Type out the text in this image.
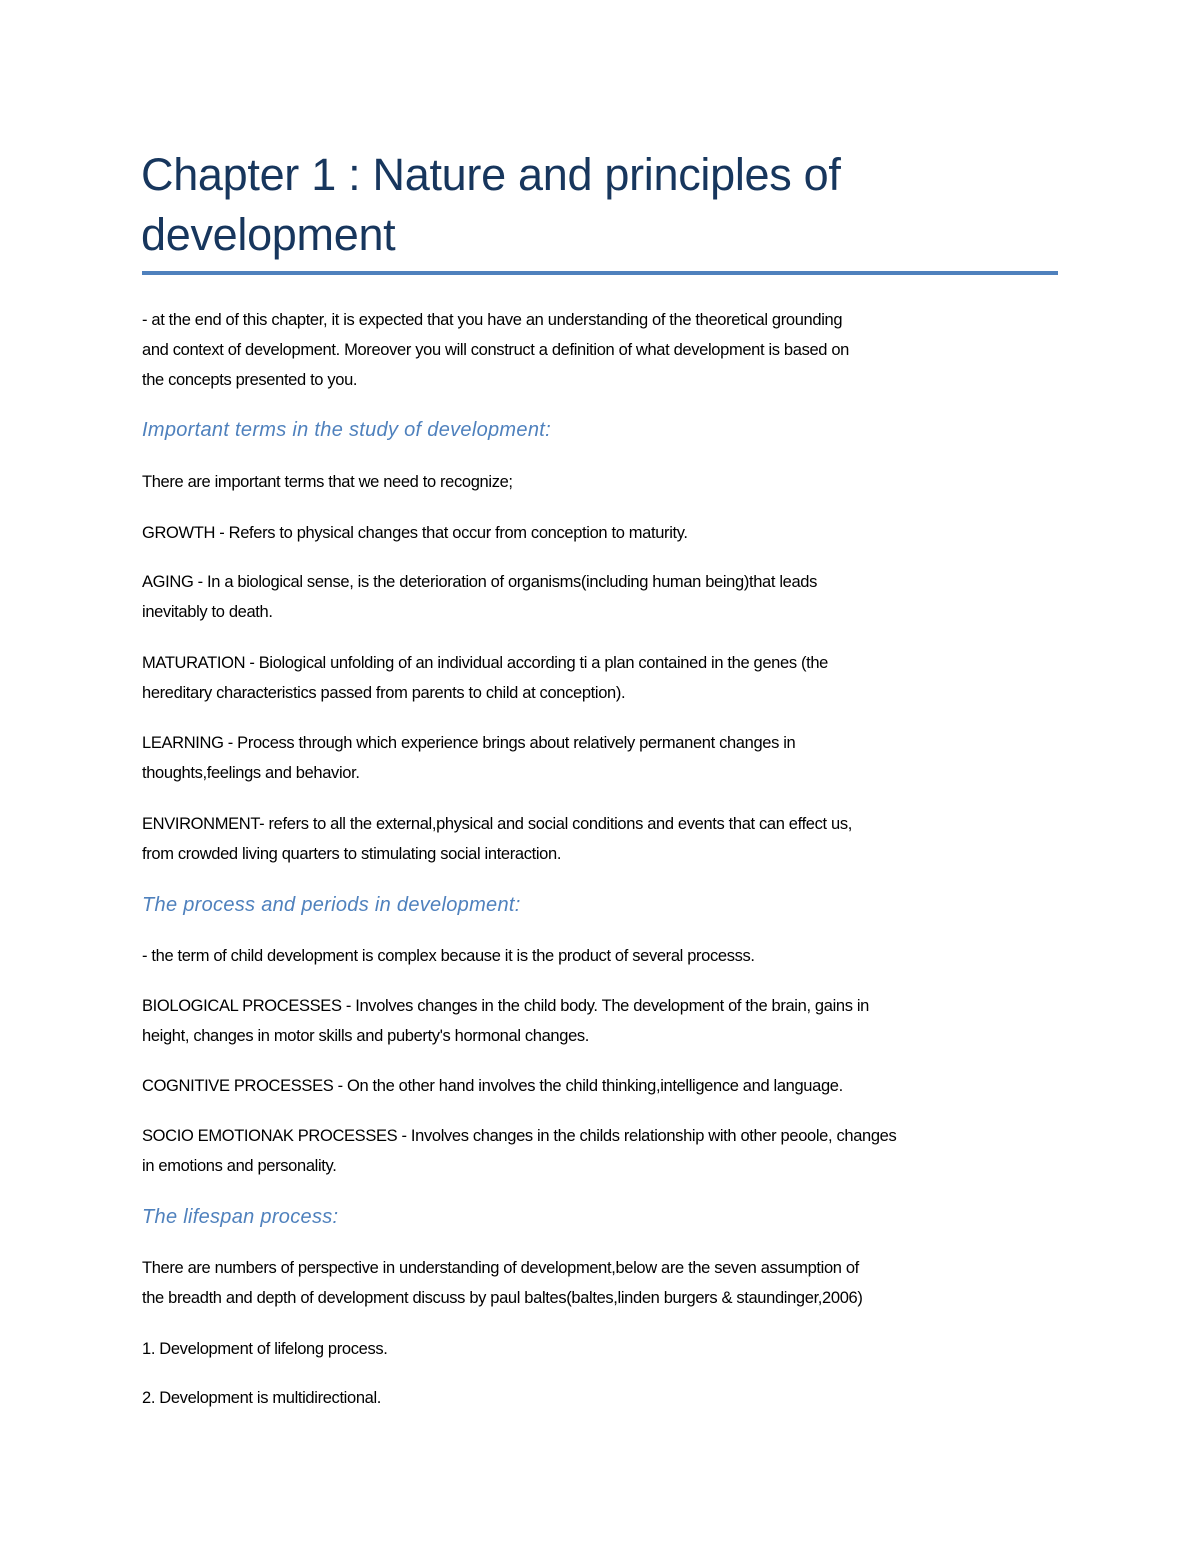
Chapter 1 : Nature and principles of
development

- at the end of this chapter, it is expected that you have an understanding of the theoretical grounding
and context of development. Moreover you will construct a definition of what development is based on
the concepts presented to you.

Important terms in the study of development:

There are important terms that we need to recognize;

GROWTH - Refers to physical changes that occur from conception to maturity.

AGING - In a biological sense, is the deterioration of organisms(including human being)that leads
inevitably to death.

MATURATION - Biological unfolding of an individual according ti a plan contained in the genes (the
hereditary characteristics passed from parents to child at conception).

LEARNING - Process through which experience brings about relatively permanent changes in
thoughts,feelings and behavior.

ENVIRONMENT- refers to all the external,physical and social conditions and events that can effect us,
from crowded living quarters to stimulating social interaction.

The process and periods in development:

- the term of child development is complex because it is the product of several processs.

BIOLOGICAL PROCESSES - Involves changes in the child body. The development of the brain, gains in
height, changes in motor skills and puberty's hormonal changes.

COGNITIVE PROCESSES - On the other hand involves the child thinking,intelligence and language.

SOCIO EMOTIONAK PROCESSES - Involves changes in the childs relationship with other peoole, changes
in emotions and personality.

The lifespan process:

There are numbers of perspective in understanding of development,below are the seven assumption of
the breadth and depth of development discuss by paul baltes(baltes,linden burgers & staundinger,2006)

1. Development of lifelong process.

2. Development is multidirectional.
